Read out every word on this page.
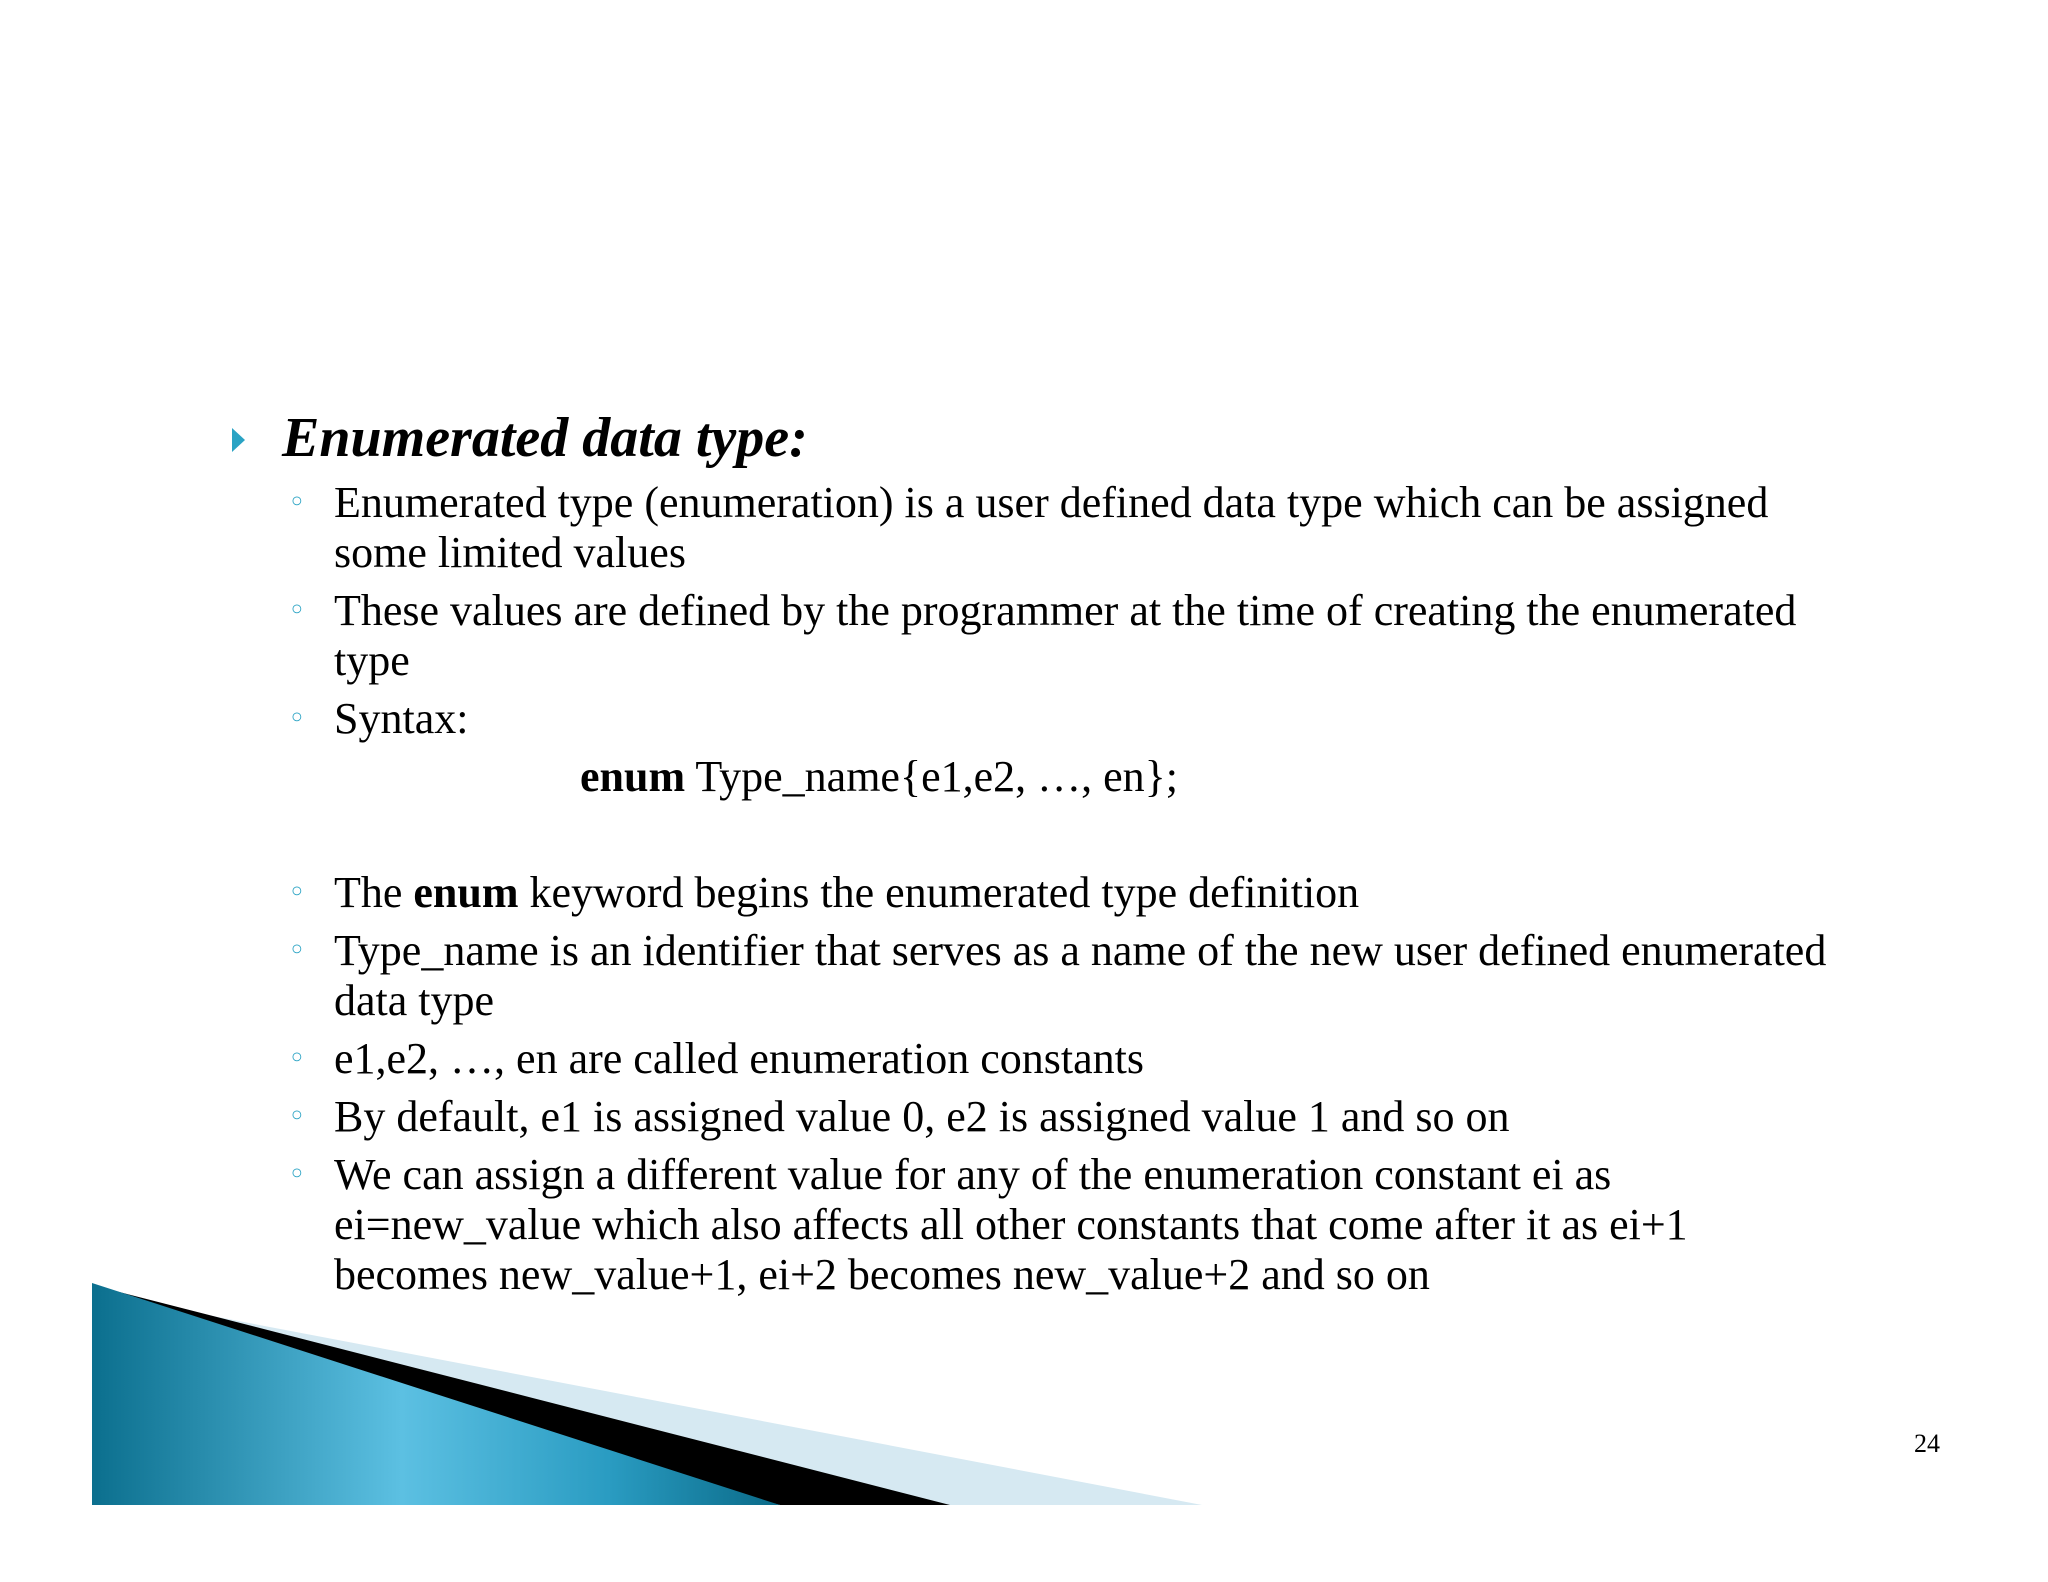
Enumerated data type:
◦ Enumerated type (enumeration) is a user defined data type which can be assigned some limited values
◦ These values are defined by the programmer at the time of creating the enumerated type
◦ Syntax:
enum Type_name{e1,e2, …, en};
◦ The enum keyword begins the enumerated type definition
◦ Type_name is an identifier that serves as a name of the new user defined enumerated data type
◦ e1,e2, …, en are called enumeration constants
◦ By default, e1 is assigned value 0, e2 is assigned value 1 and so on
◦ We can assign a different value for any of the enumeration constant ei as ei=new_value which also affects all other constants that come after it as ei+1 becomes new_value+1, ei+2 becomes new_value+2 and so on
24
